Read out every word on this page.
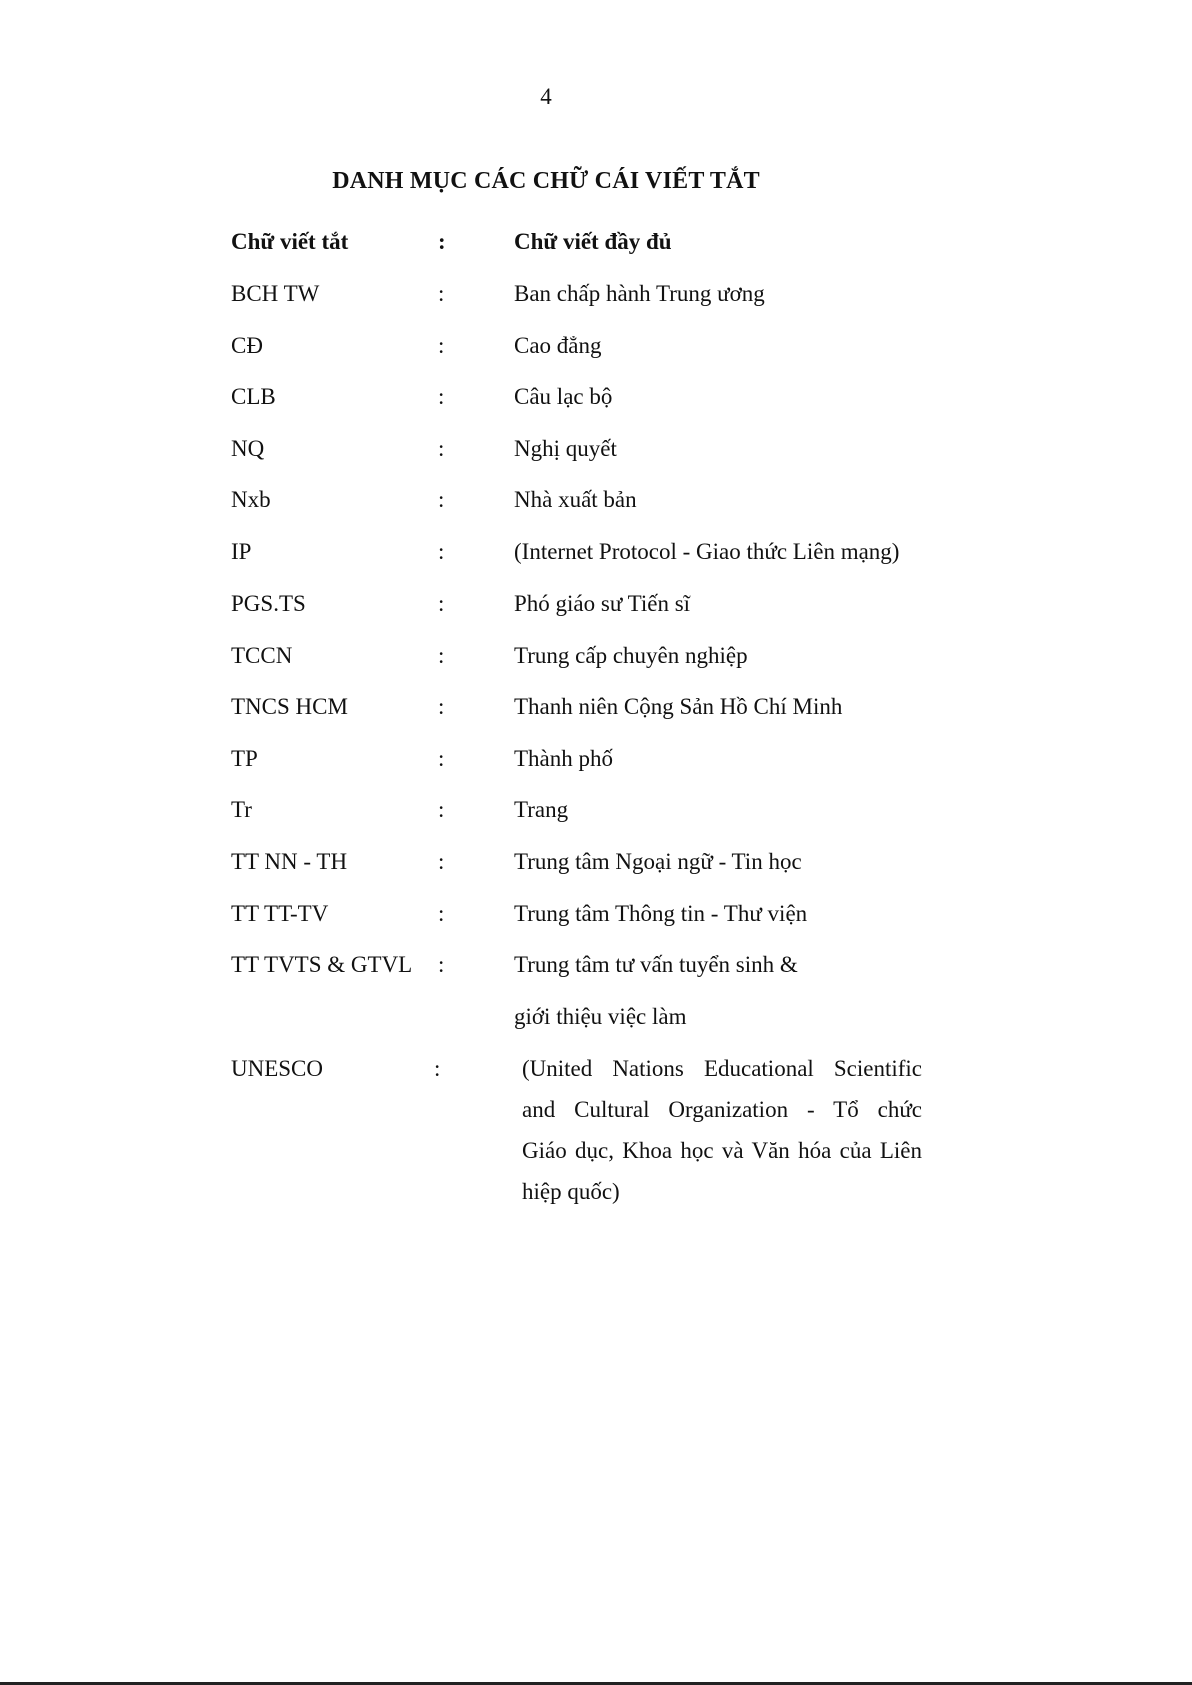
4
DANH MỤC CÁC CHỮ CÁI VIẾT TẮT
Chữ viết tắt	:	Chữ viết đầy đủ
BCH TW	:	Ban chấp hành Trung ương
CĐ	:	Cao đẳng
CLB	:	Câu lạc bộ
NQ	:	Nghị quyết
Nxb	:	Nhà xuất bản
IP	:	(Internet Protocol - Giao thức Liên mạng)
PGS.TS	:	Phó giáo sư Tiến sĩ
TCCN	:	Trung cấp chuyên nghiệp
TNCS HCM	:	Thanh niên Cộng Sản Hồ Chí Minh
TP	:	Thành phố
Tr	:	Trang
TT NN - TH	:	Trung tâm Ngoại ngữ - Tin học
TT TT-TV	:	Trung tâm Thông tin - Thư viện
TT TVTS & GTVL :	Trung tâm tư vấn tuyển sinh &
giới thiệu việc làm
UNESCO	:	(United Nations Educational Scientific
and Cultural Organization - Tổ chức
Giáo dục, Khoa học và Văn hóa của Liên
hiệp quốc)
